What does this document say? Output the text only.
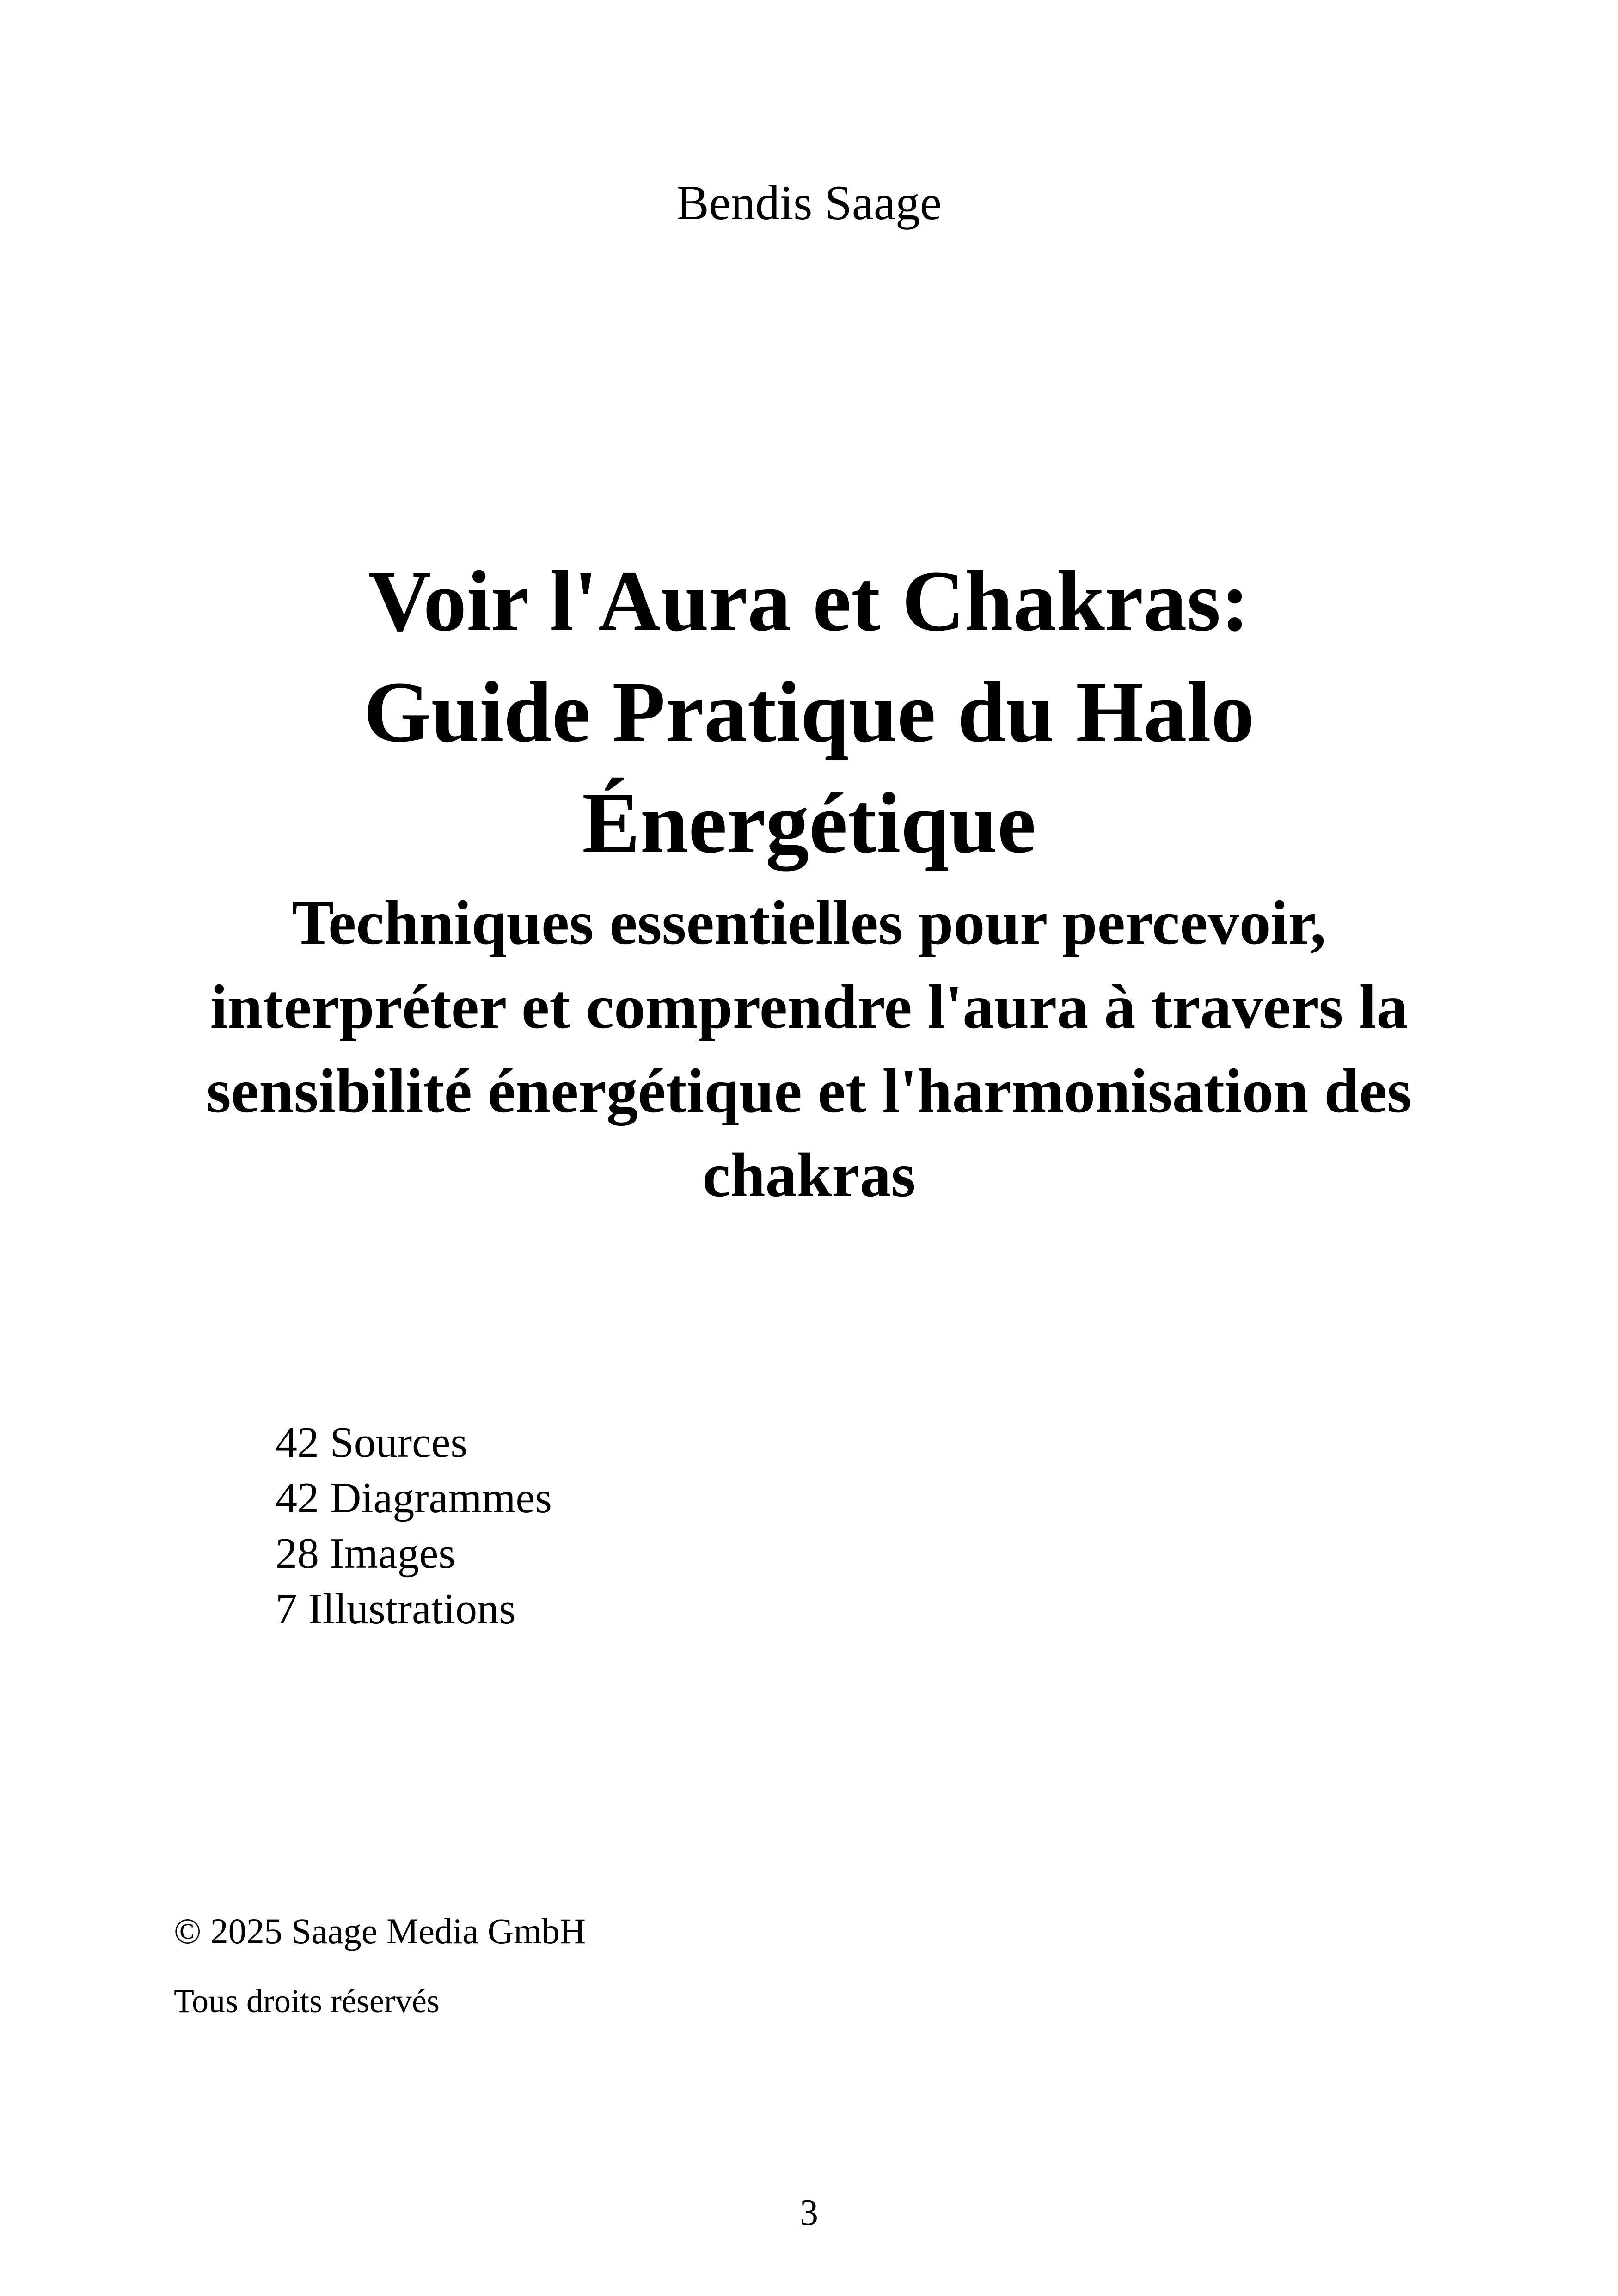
Bendis Saage
Voir l'Aura et Chakras:
Guide Pratique du Halo
Énergétique
Techniques essentielles pour percevoir,
interpréter et comprendre l'aura à travers la
sensibilité énergétique et l'harmonisation des
chakras
42 Sources
42 Diagrammes
28 Images
7 Illustrations
© 2025 Saage Media GmbH
Tous droits réservés
3
